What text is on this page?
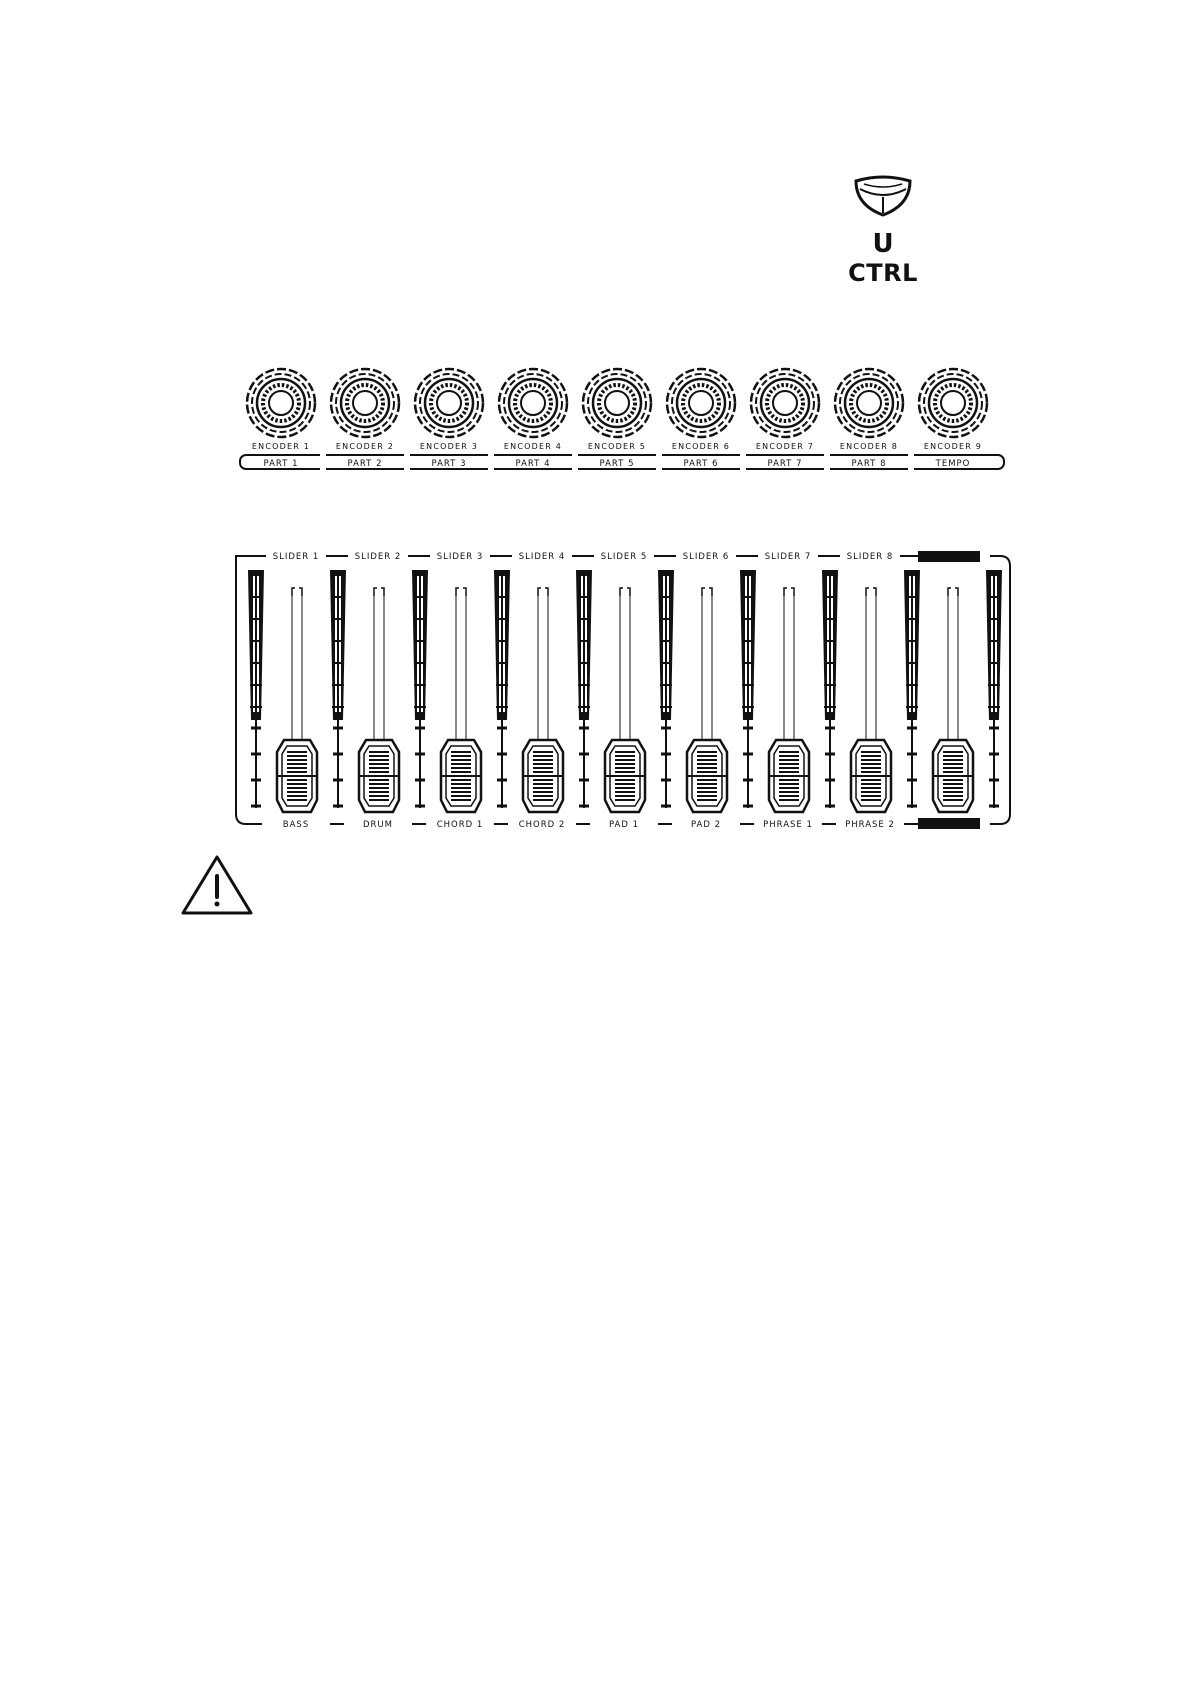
U
CTRL
ENCODER 1	ENCODER 2	ENCODER 3	ENCODER 4	ENCODER 5	ENCODER 6	ENCODER 7	ENCODER 8	ENCODER 9
PART 1	PART 2	PART 3	PART 4	PART 5	PART 6	PART 7	PART 8	TEMPO
SLIDER 1	SLIDER 2	SLIDER 3	SLIDER 4	SLIDER 5	SLIDER 6	SLIDER 7	SLIDER 8
BASS	DRUM	CHORD 1	CHORD 2	PAD 1	PAD 2	PHRASE 1	PHRASE 2
